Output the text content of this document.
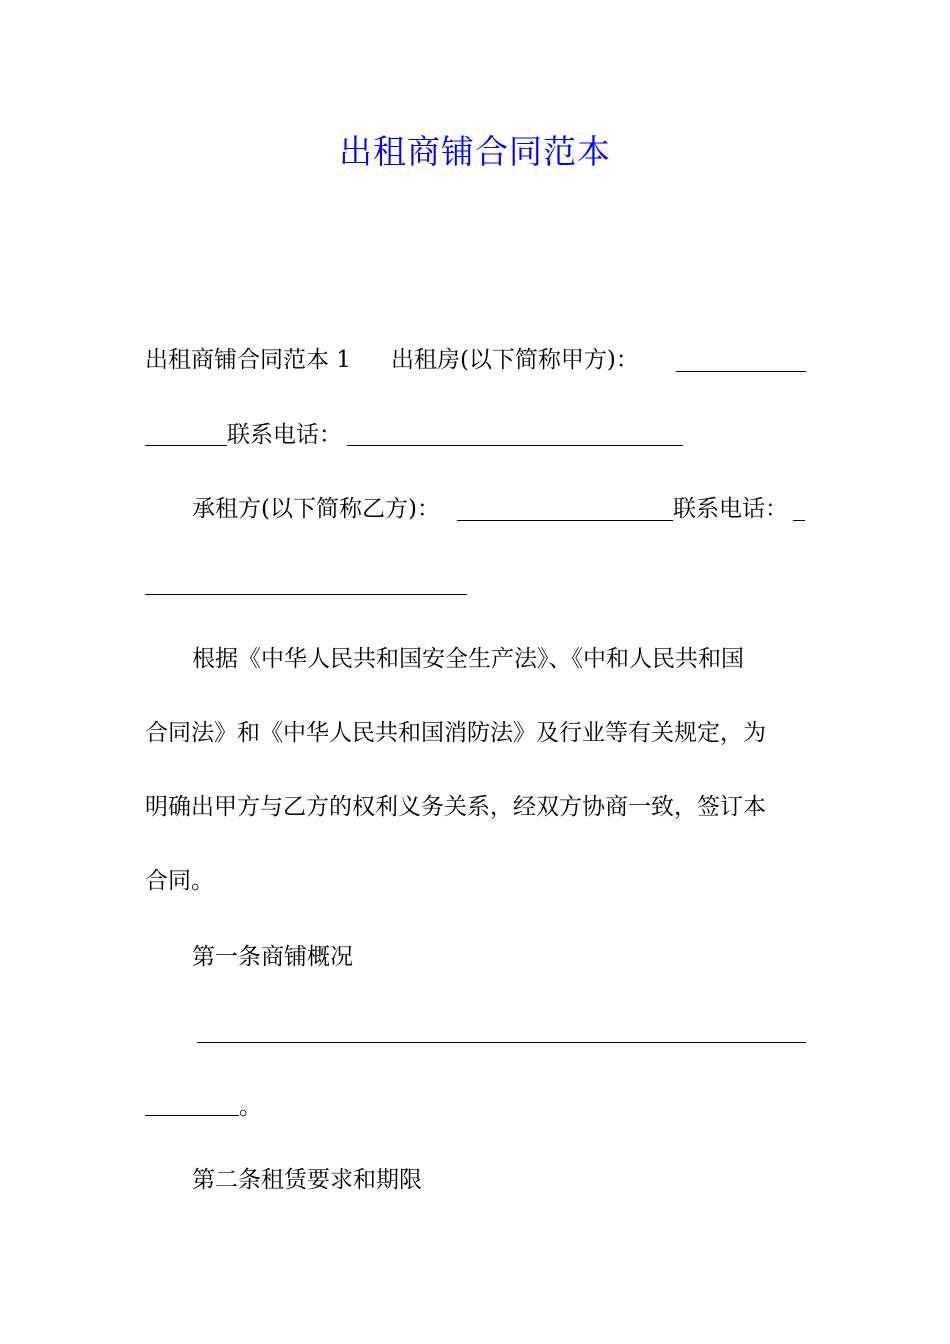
出租商铺合同范本
出租商铺合同范本 1 出租房(以下简称甲方)：
联系电话：
承租方(以下简称乙方)：	联系电话：
根据《中华人民共和国安全生产法》、《中和人民共和国
合同法》和《中华人民共和国消防法》及行业等有关规定，为
明确出甲方与乙方的权利义务关系，经双方协商一致，签订本
合同。
第一条商铺概况
。
第二条租赁要求和期限
